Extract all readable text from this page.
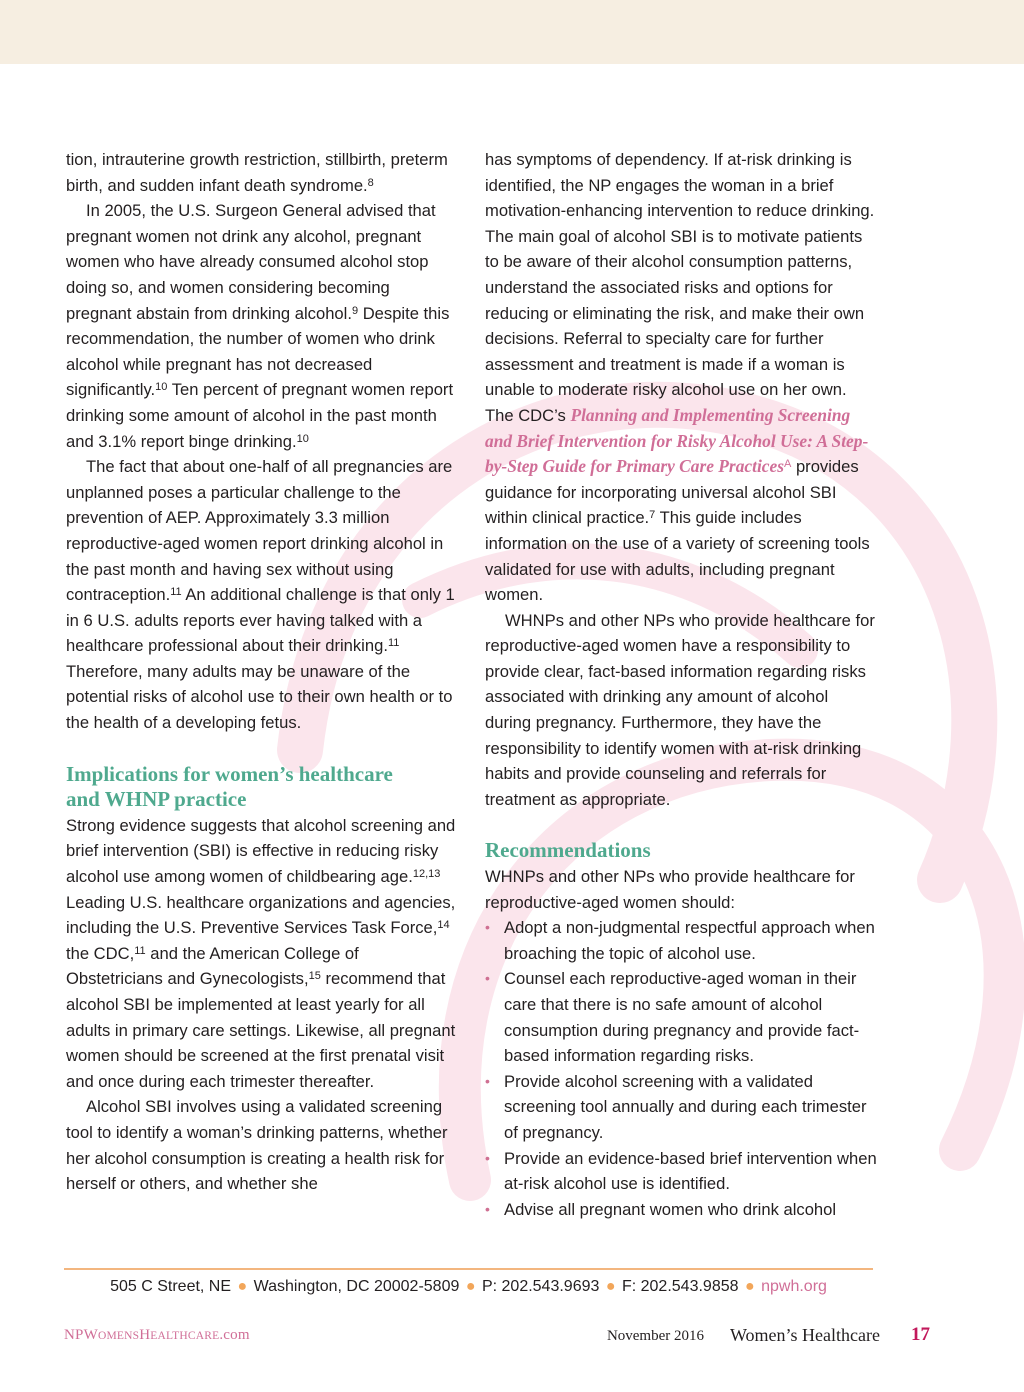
tion, intrauterine growth restriction, stillbirth, preterm birth, and sudden infant death syndrome.$^8$

In 2005, the U.S. Surgeon General advised that pregnant women not drink any alcohol, pregnant women who have already consumed alcohol stop doing so, and women considering becoming pregnant abstain from drinking alcohol.$^9$ Despite this recommendation, the number of women who drink alcohol while pregnant has not decreased significantly.$^{10}$ Ten percent of pregnant women report drinking some amount of alcohol in the past month and 3.1% report binge drinking.$^{10}$

The fact that about one-half of all pregnancies are unplanned poses a particular challenge to the prevention of AEP. Approximately 3.3 million reproductive-aged women report drinking alcohol in the past month and having sex without using contraception.$^{11}$ An additional challenge is that only 1 in 6 U.S. adults reports ever having talked with a healthcare professional about their drinking.$^{11}$ Therefore, many adults may be unaware of the potential risks of alcohol use to their own health or to the health of a developing fetus.

Implications for women’s healthcare
and WHNP practice

Strong evidence suggests that alcohol screening and brief intervention (SBI) is effective in reducing risky alcohol use among women of childbearing age.$^{12,13}$ Leading U.S. healthcare organizations and agencies, including the U.S. Preventive Services Task Force,$^{14}$ the CDC,$^{11}$ and the American College of Obstetricians and Gynecologists,$^{15}$ recommend that alcohol SBI be implemented at least yearly for all adults in primary care settings. Likewise, all pregnant women should be screened at the first prenatal visit and once during each trimester thereafter.

Alcohol SBI involves using a validated screening tool to identify a woman’s drinking patterns, whether her alcohol consumption is creating a health risk for herself or others, and whether she

has symptoms of dependency. If at-risk drinking is identified, the NP engages the woman in a brief motivation-enhancing intervention to reduce drinking. The main goal of alcohol SBI is to motivate patients to be aware of their alcohol consumption patterns, understand the associated risks and options for reducing or eliminating the risk, and make their own decisions. Referral to specialty care for further assessment and treatment is made if a woman is unable to moderate risky alcohol use on her own. The CDC’s Planning and Implementing Screening and Brief Intervention for Risky Alcohol Use: A Step-by-Step Guide for Primary Care Practices$^A$ provides guidance for incorporating universal alcohol SBI within clinical practice.$^7$ This guide includes information on the use of a variety of screening tools validated for use with adults, including pregnant women.

WHNPs and other NPs who provide healthcare for reproductive-aged women have a responsibility to provide clear, fact-based information regarding risks associated with drinking any amount of alcohol during pregnancy. Furthermore, they have the responsibility to identify women with at-risk drinking habits and provide counseling and referrals for treatment as appropriate.

Recommendations

WHNPs and other NPs who provide healthcare for reproductive-aged women should:

• Adopt a non-judgmental respectful approach when broaching the topic of alcohol use.
• Counsel each reproductive-aged woman in their care that there is no safe amount of alcohol consumption during pregnancy and provide fact-based information regarding risks.
• Provide alcohol screening with a validated screening tool annually and during each trimester of pregnancy.
• Provide an evidence-based brief intervention when at-risk alcohol use is identified.
• Advise all pregnant women who drink alcohol
505 C Street, NE ● Washington, DC 20002-5809 ● P: 202.543.9693 ● F: 202.543.9858 ● npwh.org
NPWOMENSHEALTHCARE.com	November 2016 Women’s Healthcare 17
